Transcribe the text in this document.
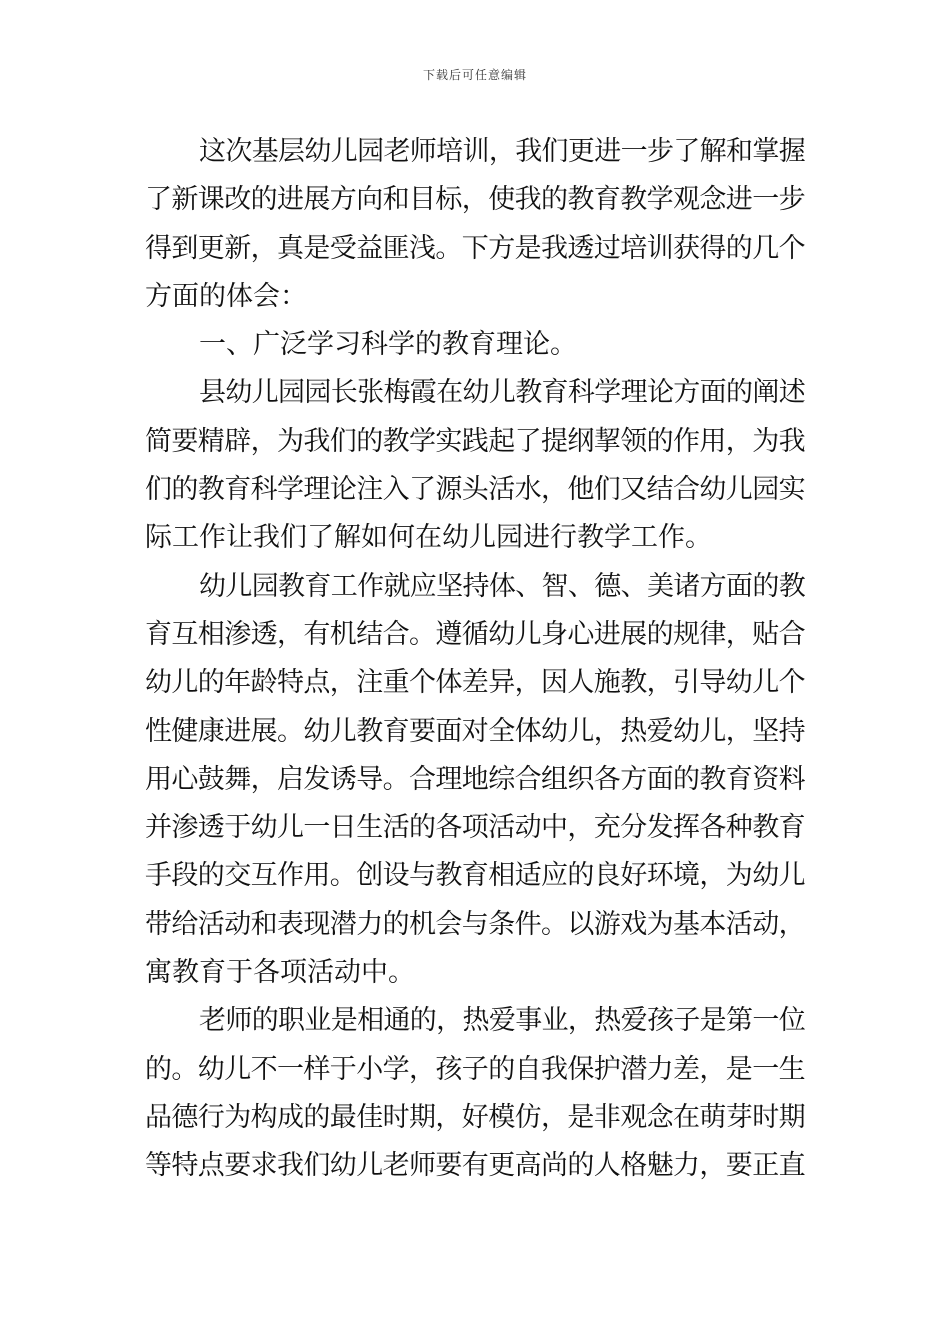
下载后可任意编辑

这次基层幼儿园老师培训，我们更进一步了解和掌握
了新课改的进展方向和目标，使我的教育教学观念进一步
得到更新，真是受益匪浅。下方是我透过培训获得的几个
方面的体会：

一、广泛学习科学的教育理论。

县幼儿园园长张梅霞在幼儿教育科学理论方面的阐述
简要精辟，为我们的教学实践起了提纲挈领的作用，为我
们的教育科学理论注入了源头活水，他们又结合幼儿园实
际工作让我们了解如何在幼儿园进行教学工作。

幼儿园教育工作就应坚持体、智、德、美诸方面的教
育互相渗透，有机结合。遵循幼儿身心进展的规律，贴合
幼儿的年龄特点，注重个体差异，因人施教，引导幼儿个
性健康进展。幼儿教育要面对全体幼儿，热爱幼儿，坚持
用心鼓舞，启发诱导。合理地综合组织各方面的教育资料
并渗透于幼儿一日生活的各项活动中，充分发挥各种教育
手段的交互作用。创设与教育相适应的良好环境，为幼儿
带给活动和表现潜力的机会与条件。以游戏为基本活动，
寓教育于各项活动中。

老师的职业是相通的，热爱事业，热爱孩子是第一位
的。幼儿不一样于小学，孩子的自我保护潜力差，是一生
品德行为构成的最佳时期，好模仿，是非观念在萌芽时期
等特点要求我们幼儿老师要有更高尚的人格魅力，要正直
